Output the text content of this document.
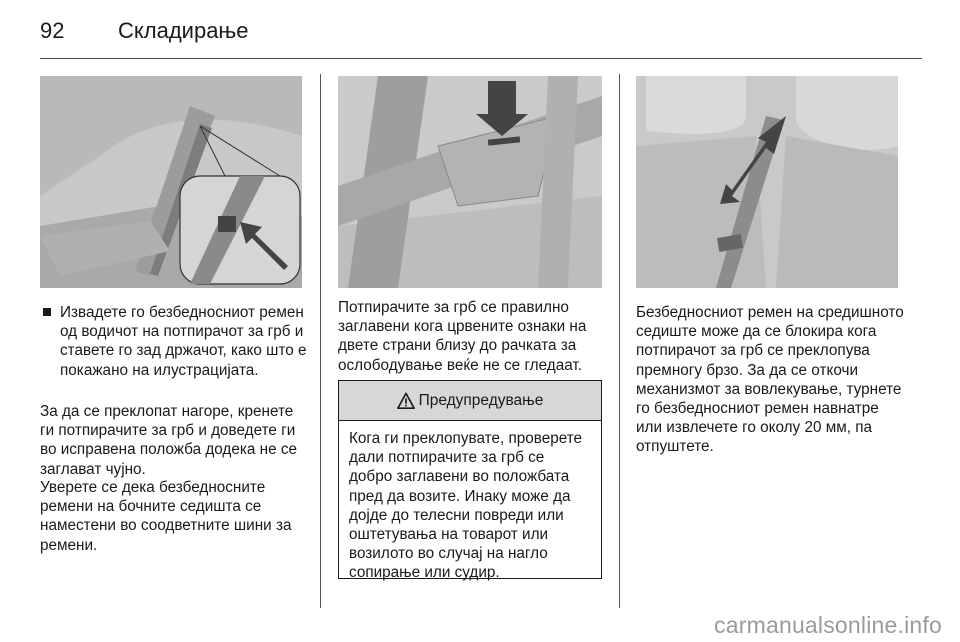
92 Складирање
Извадете го безбедносниот ремен од водичот на потпирачот за грб и ставете го зад држачот, како што е покажано на илустрацијата.
За да се преклопат нагоре, кренете ги потпирачите за грб и доведете ги во исправена положба додека не се заглават чујно.
Уверете се дека безбедносните ремени на бочните седишта се наместени во соодветните шини за ремени.
Потпирачите за грб се правилно заглавени кога црвените ознаки на двете страни близу до рачката за ослободување веќе не се гледаат.
Предупредување
Кога ги преклопувате, проверете дали потпирачите за грб се добро заглавени во положбата пред да возите. Инаку може да дојде до телесни повреди или оштетувања на товарот или возилото во случај на нагло сопирање или судир.
Безбедносниот ремен на средишното седиште може да се блокира кога потпирачот за грб се преклопува премногу брзо. За да се откочи механизмот за вовлекување, турнете го безбедносниот ремен навнатре или извлечете го околу 20 мм, па отпуштете.
carmanualsonline.info
